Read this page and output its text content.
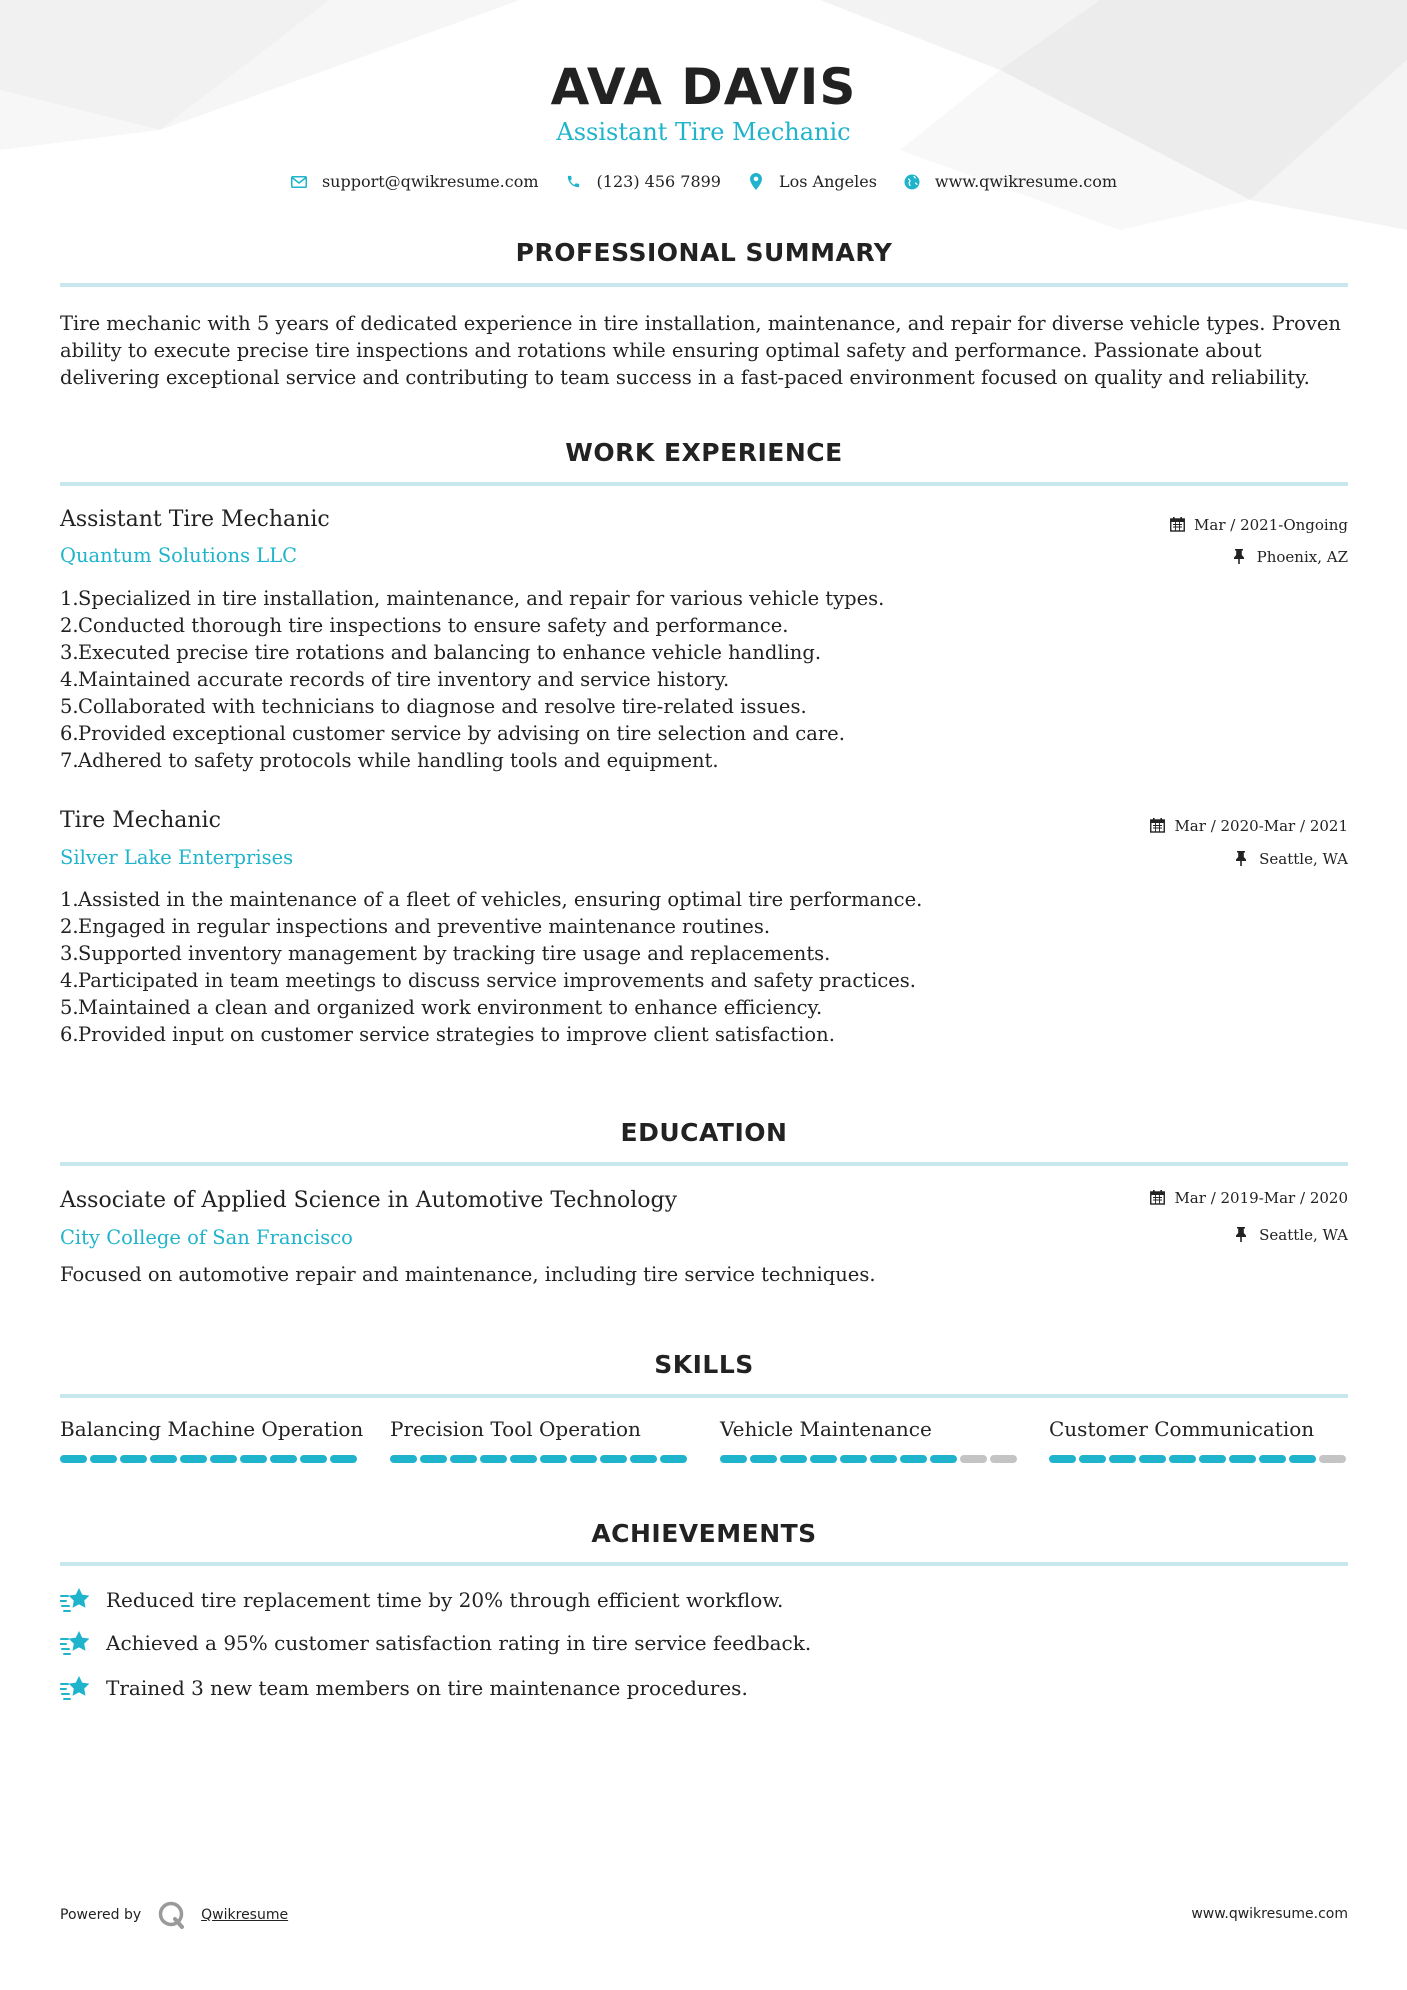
AVA DAVIS
Assistant Tire Mechanic
support@qwikresume.com	(123) 456 7899	Los Angeles	www.qwikresume.com
PROFESSIONAL SUMMARY
Tire mechanic with 5 years of dedicated experience in tire installation, maintenance, and repair for diverse vehicle types. Proven ability to execute precise tire inspections and rotations while ensuring optimal safety and performance. Passionate about delivering exceptional service and contributing to team success in a fast-paced environment focused on quality and reliability.
WORK EXPERIENCE
Assistant Tire Mechanic
Quantum Solutions LLC
Mar / 2021-Ongoing
Phoenix, AZ
1. Specialized in tire installation, maintenance, and repair for various vehicle types.
2. Conducted thorough tire inspections to ensure safety and performance.
3. Executed precise tire rotations and balancing to enhance vehicle handling.
4. Maintained accurate records of tire inventory and service history.
5. Collaborated with technicians to diagnose and resolve tire-related issues.
6. Provided exceptional customer service by advising on tire selection and care.
7. Adhered to safety protocols while handling tools and equipment.
Tire Mechanic
Silver Lake Enterprises
Mar / 2020-Mar / 2021
Seattle, WA
1. Assisted in the maintenance of a fleet of vehicles, ensuring optimal tire performance.
2. Engaged in regular inspections and preventive maintenance routines.
3. Supported inventory management by tracking tire usage and replacements.
4. Participated in team meetings to discuss service improvements and safety practices.
5. Maintained a clean and organized work environment to enhance efficiency.
6. Provided input on customer service strategies to improve client satisfaction.
EDUCATION
Associate of Applied Science in Automotive Technology
City College of San Francisco
Mar / 2019-Mar / 2020
Seattle, WA
Focused on automotive repair and maintenance, including tire service techniques.
SKILLS
Balancing Machine Operation Precision Tool Operation	Vehicle Maintenance	Customer Communication
ACHIEVEMENTS
Reduced tire replacement time by 20% through efficient workflow.
Achieved a 95% customer satisfaction rating in tire service feedback.
Trained 3 new team members on tire maintenance procedures.
Powered by	Qwikresume	www.qwikresume.com
